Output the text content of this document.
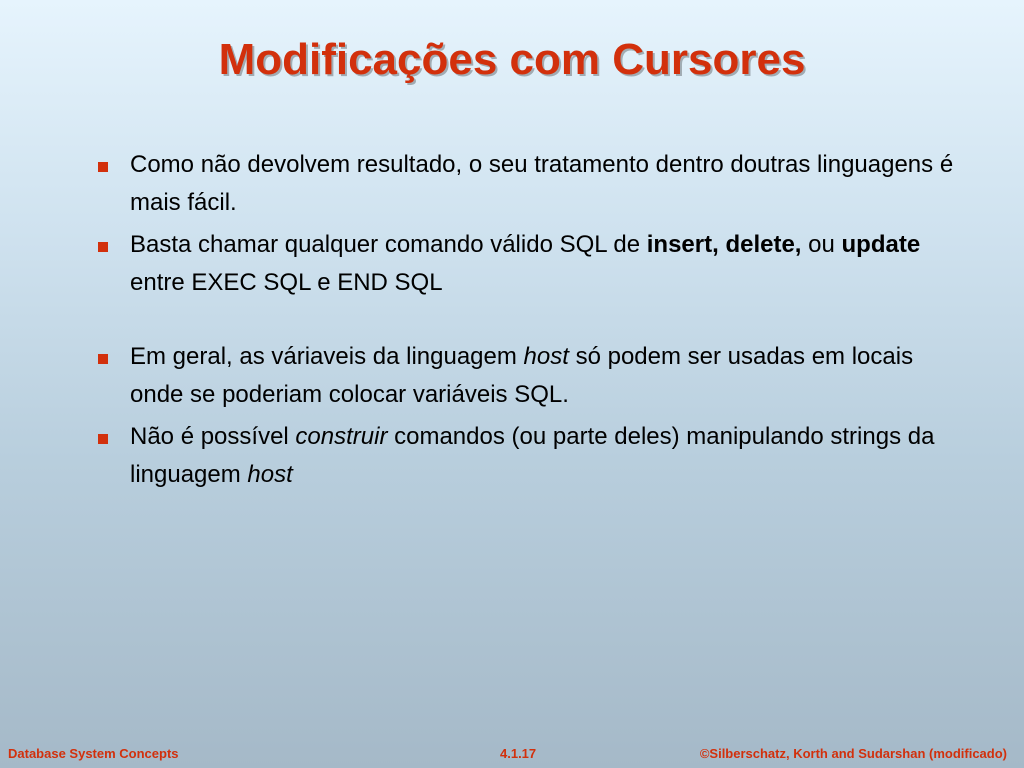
Modificações com Cursores
Como não devolvem resultado, o seu tratamento dentro doutras linguagens é mais fácil.
Basta chamar qualquer comando válido SQL de insert, delete, ou update entre EXEC SQL e END SQL
Em geral, as váriaveis da linguagem host só podem ser usadas em locais onde se poderiam colocar variáveis SQL.
Não é possível construir comandos (ou parte deles) manipulando strings da linguagem host
Database System Concepts	4.1.17	©Silberschatz, Korth and Sudarshan (modificado)
